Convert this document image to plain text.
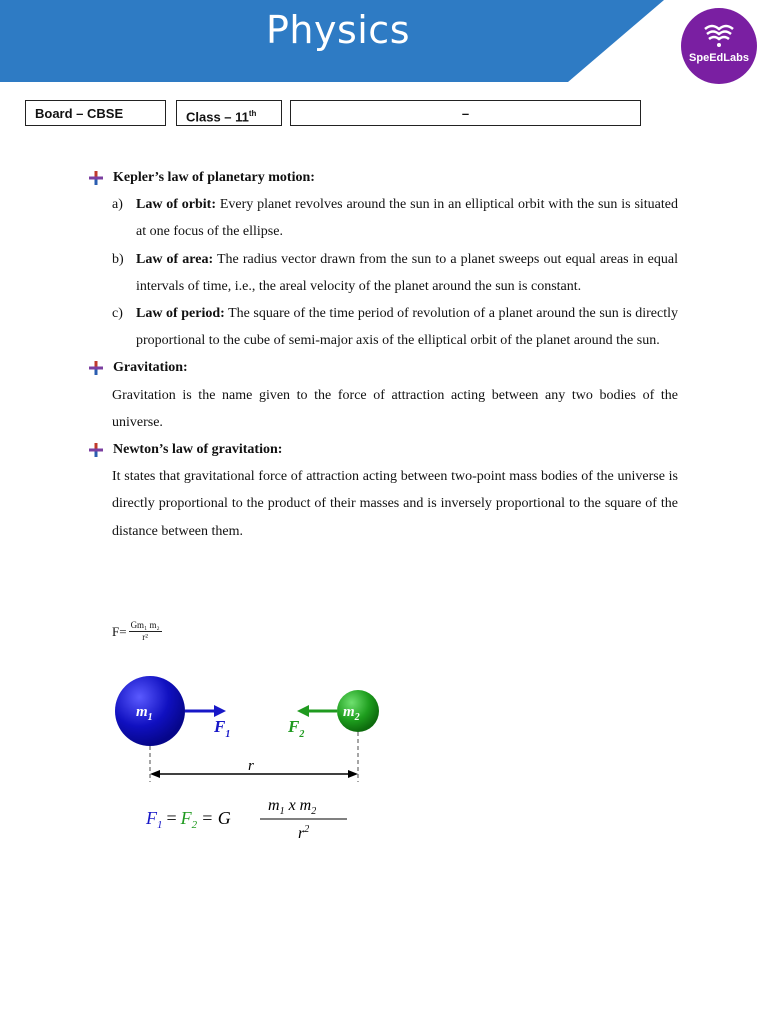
Physics
SpeEdLabs
Board – CBSE	Class – 11th	–
Kepler’s law of planetary motion:
a) Law of orbit: Every planet revolves around the sun in an elliptical orbit with the sun is situated at one focus of the ellipse.
b) Law of area: The radius vector drawn from the sun to a planet sweeps out equal areas in equal intervals of time, i.e., the areal velocity of the planet around the sun is constant.
c) Law of period: The square of the time period of revolution of a planet around the sun is directly proportional to the cube of semi-major axis of the elliptical orbit of the planet around the sun.
Gravitation:

Gravitation is the name given to the force of attraction acting between any two bodies of the universe.

Newton’s law of gravitation:

It states that gravitational force of attraction acting between two-point mass bodies of the universe is directly proportional to the product of their masses and is inversely proportional to the square of the distance between them.

$F= \frac{\text{Gm₁ m₂}}{\text{r²}}$
$m_1$	$F_1$
$m_2$
$F_2$
r
$F_1 = F_2 = G$
$m_1$ x $m_2$
$r^2$
